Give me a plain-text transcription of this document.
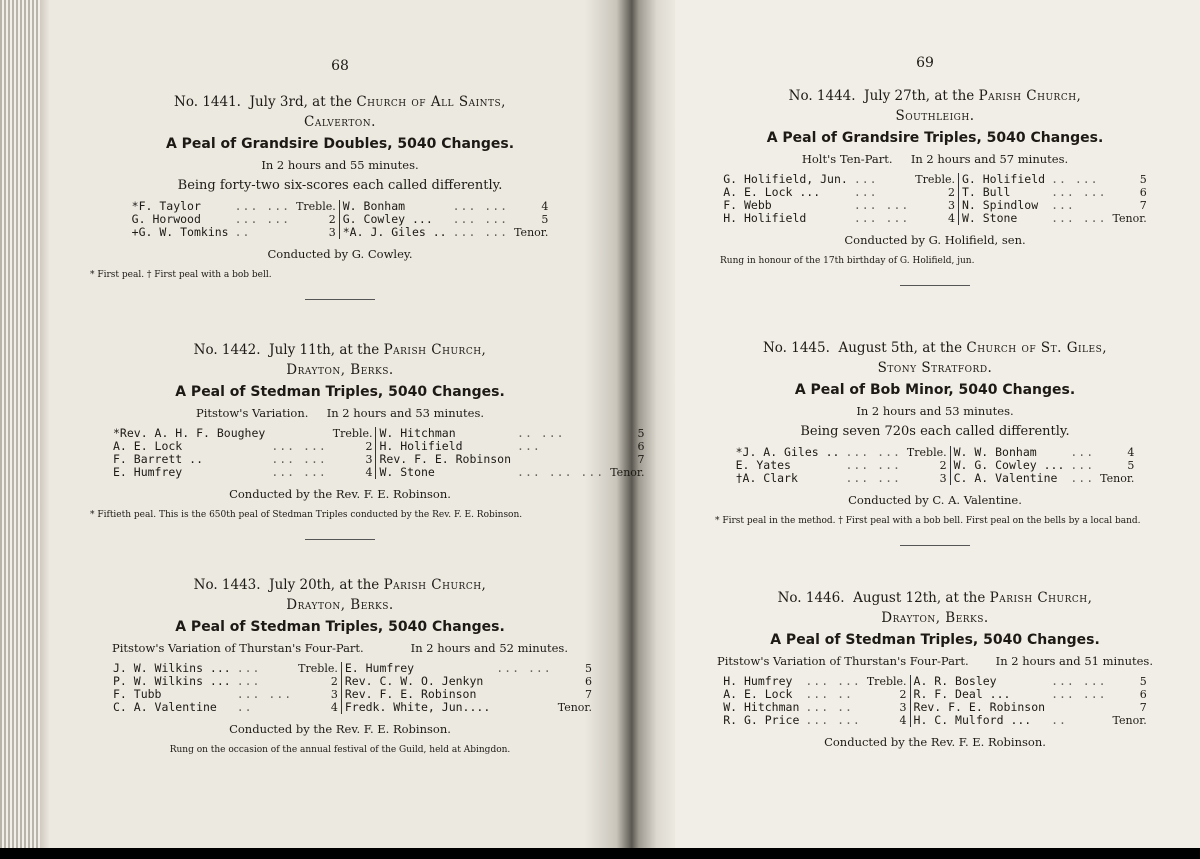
68
No. 1441. July 3rd, at the Church of All Saints,
Calverton.
A Peal of Grandsire Doubles, 5040 Changes.
In 2 hours and 55 minutes.
Being forty-two six-scores each called differently.
*F. Taylor	... ...	Treble.	W. Bonham	... ...	4
G. Horwood	... ...	2	G. Cowley ...	... ...	5
+G. W. Tomkins	..	3	*A. J. Giles ..	... ...	Tenor.
Conducted by G. Cowley.
* First peal. † First peal with a bob bell.
No. 1442. July 11th, at the Parish Church,
Drayton, Berks.
A Peal of Stedman Triples, 5040 Changes.
Pitstow's Variation. In 2 hours and 53 minutes.
*Rev. A. H. F. Boughey		Treble.	W. Hitchman	.. ...	5
A. E. Lock	... ...	2	H. Holifield	...	6
F. Barrett ..	... ...	3	Rev. F. E. Robinson		7
E. Humfrey	... ...	4	W. Stone	... ... ...	Tenor.
Conducted by the Rev. F. E. Robinson.
* Fiftieth peal. This is the 650th peal of Stedman Triples conducted by the Rev. F. E. Robinson.
No. 1443. July 20th, at the Parish Church,
Drayton, Berks.
A Peal of Stedman Triples, 5040 Changes.
Pitstow's Variation of Thurstan's Four-Part.	In 2 hours and 52 minutes.
J. W. Wilkins ...	...	Treble.	E. Humfrey	... ...	5
P. W. Wilkins ...	...	2	Rev. C. W. O. Jenkyn		6
F. Tubb	... ...	3	Rev. F. E. Robinson		7
C. A. Valentine	..	4	Fredk. White, Jun....		Tenor.
Conducted by the Rev. F. E. Robinson.
Rung on the occasion of the annual festival of the Guild, held at Abingdon.
69
No. 1444. July 27th, at the Parish Church,
Southleigh.
A Peal of Grandsire Triples, 5040 Changes.
Holt's Ten-Part. In 2 hours and 57 minutes.
G. Holifield, Jun.	...	Treble.	G. Holifield	.. ...	5
A. E. Lock ...	...	2	T. Bull	... ...	6
F. Webb	... ...	3	N. Spindlow	...	7
H. Holifield	... ...	4	W. Stone	... ...	Tenor.
Conducted by G. Holifield, sen.
Rung in honour of the 17th birthday of G. Holifield, jun.
No. 1445. August 5th, at the Church of St. Giles,
Stony Stratford.
A Peal of Bob Minor, 5040 Changes.
In 2 hours and 53 minutes.
Being seven 720s each called differently.
*J. A. Giles ..	... ...	Treble.	W. W. Bonham	...	4
E. Yates	... ...	2	W. G. Cowley ...	...	5
†A. Clark	... ...	3	C. A. Valentine	...	Tenor.
Conducted by C. A. Valentine.
* First peal in the method. † First peal with a bob bell. First peal on the bells by a local band.
No. 1446. August 12th, at the Parish Church,
Drayton, Berks.
A Peal of Stedman Triples, 5040 Changes.
Pitstow's Variation of Thurstan's Four-Part. In 2 hours and 51 minutes.
H. Humfrey	... ...	Treble.	A. R. Bosley	... ...	5
A. E. Lock	... ..	2	R. F. Deal ...	... ...	6
W. Hitchman	... ..	3	Rev. F. E. Robinson		7
R. G. Price	... ...	4	H. C. Mulford ...	..	Tenor.
Conducted by the Rev. F. E. Robinson.
